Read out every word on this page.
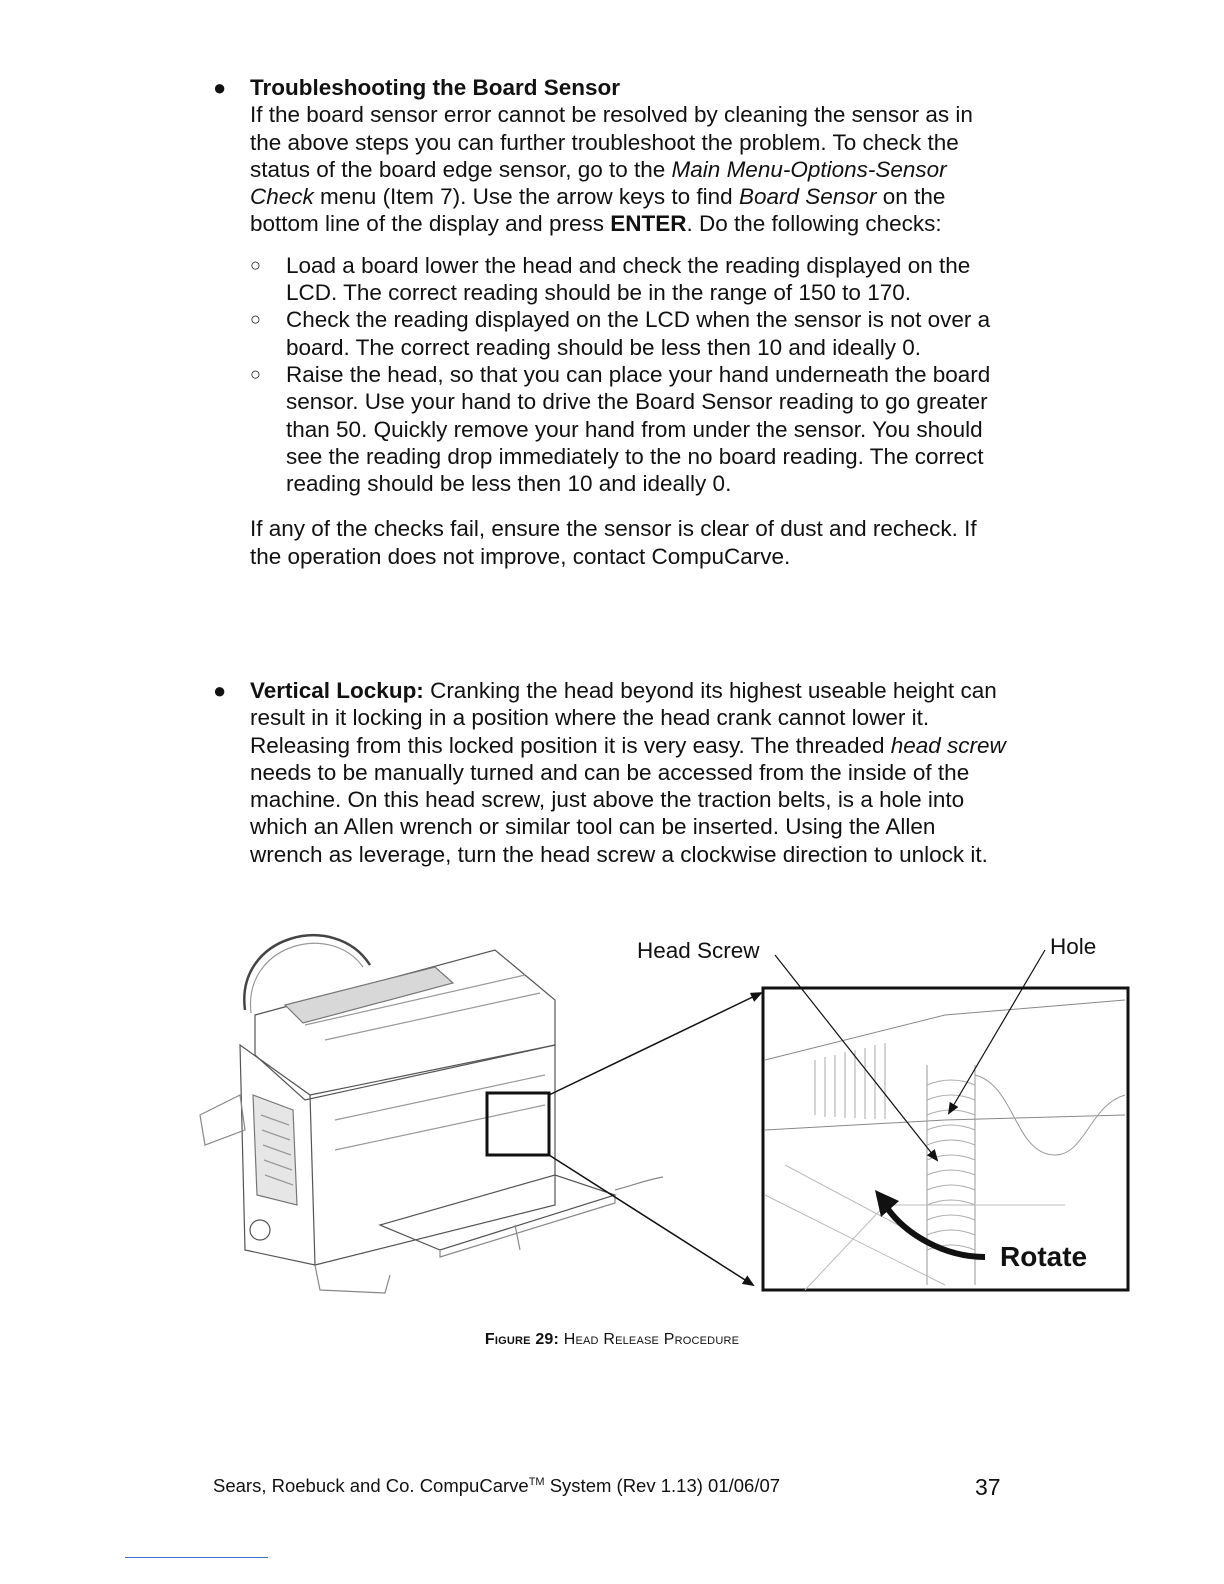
● Troubleshooting the Board Sensor

If the board sensor error cannot be resolved by cleaning the sensor as in the above steps you can further troubleshoot the problem. To check the status of the board edge sensor, go to the Main Menu-Options-Sensor Check menu (Item 7). Use the arrow keys to find Board Sensor on the bottom line of the display and press ENTER. Do the following checks:

○ Load a board lower the head and check the reading displayed on the LCD. The correct reading should be in the range of 150 to 170.
○ Check the reading displayed on the LCD when the sensor is not over a board. The correct reading should be less then 10 and ideally 0.
○ Raise the head, so that you can place your hand underneath the board sensor. Use your hand to drive the Board Sensor reading to go greater than 50. Quickly remove your hand from under the sensor. You should see the reading drop immediately to the no board reading. The correct reading should be less then 10 and ideally 0.

If any of the checks fail, ensure the sensor is clear of dust and recheck. If the operation does not improve, contact CompuCarve.

● Vertical Lockup: Cranking the head beyond its highest useable height can result in it locking in a position where the head crank cannot lower it. Releasing from this locked position it is very easy. The threaded head screw needs to be manually turned and can be accessed from the inside of the machine. On this head screw, just above the traction belts, is a hole into which an Allen wrench or similar tool can be inserted. Using the Allen wrench as leverage, turn the head screw a clockwise direction to unlock it.

Head Screw	Hole
Rotate
Figure 29: Head Release Procedure
Sears, Roebuck and Co. CompuCarve™ System (Rev 1.13) 01/06/07	37
